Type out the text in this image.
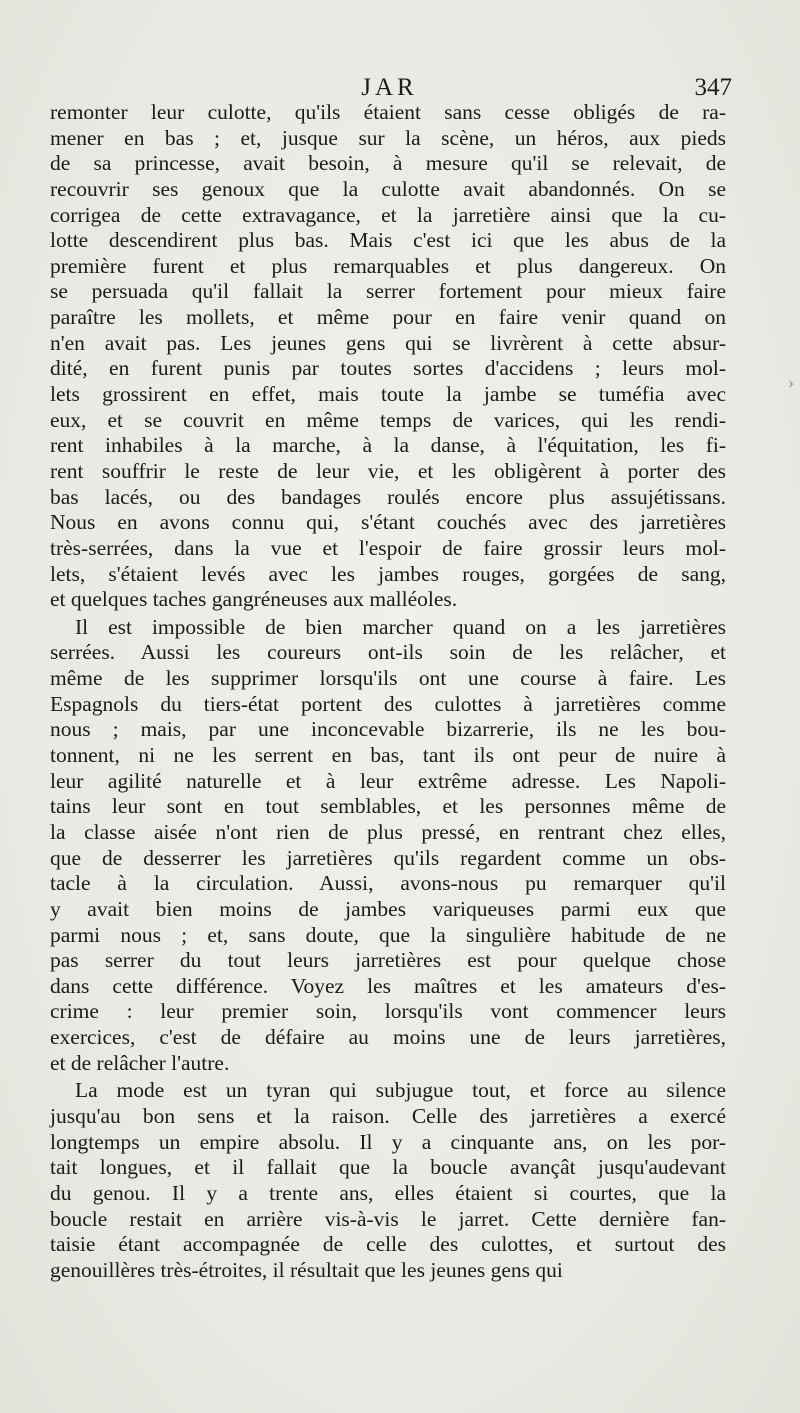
JAR	347
remonter leur culotte, qu'ils étaient sans cesse obligés de ra-
mener en bas ; et, jusque sur la scène, un héros, aux pieds
de sa princesse, avait besoin, à mesure qu'il se relevait, de
recouvrir ses genoux que la culotte avait abandonnés. On se
corrigea de cette extravagance, et la jarretière ainsi que la cu-
lotte descendirent plus bas. Mais c'est ici que les abus de la
première furent et plus remarquables et plus dangereux. On
se persuada qu'il fallait la serrer fortement pour mieux faire
paraître les mollets, et même pour en faire venir quand on
n'en avait pas. Les jeunes gens qui se livrèrent à cette absur-
dité, en furent punis par toutes sortes d'accidens ; leurs mol-
lets grossirent en effet, mais toute la jambe se tuméfia avec
eux, et se couvrit en même temps de varices, qui les rendi-
rent inhabiles à la marche, à la danse, à l'équitation, les fi-
rent souffrir le reste de leur vie, et les obligèrent à porter des
bas lacés, ou des bandages roulés encore plus assujétissans.
Nous en avons connu qui, s'étant couchés avec des jarretières
très-serrées, dans la vue et l'espoir de faire grossir leurs mol-
lets, s'étaient levés avec les jambes rouges, gorgées de sang,
et quelques taches gangréneuses aux malléoles.
Il est impossible de bien marcher quand on a les jarretières
serrées. Aussi les coureurs ont-ils soin de les relâcher, et
même de les supprimer lorsqu'ils ont une course à faire. Les
Espagnols du tiers-état portent des culottes à jarretières comme
nous ; mais, par une inconcevable bizarrerie, ils ne les bou-
tonnent, ni ne les serrent en bas, tant ils ont peur de nuire à
leur agilité naturelle et à leur extrême adresse. Les Napoli-
tains leur sont en tout semblables, et les personnes même de
la classe aisée n'ont rien de plus pressé, en rentrant chez elles,
que de desserrer les jarretières qu'ils regardent comme un obs-
tacle à la circulation. Aussi, avons-nous pu remarquer qu'il
y avait bien moins de jambes variqueuses parmi eux que
parmi nous ; et, sans doute, que la singulière habitude de ne
pas serrer du tout leurs jarretières est pour quelque chose
dans cette différence. Voyez les maîtres et les amateurs d'es-
crime : leur premier soin, lorsqu'ils vont commencer leurs
exercices, c'est de défaire au moins une de leurs jarretières,
et de relâcher l'autre.
La mode est un tyran qui subjugue tout, et force au silence
jusqu'au bon sens et la raison. Celle des jarretières a exercé
longtemps un empire absolu. Il y a cinquante ans, on les por-
tait longues, et il fallait que la boucle avançât jusqu'audevant
du genou. Il y a trente ans, elles étaient si courtes, que la
boucle restait en arrière vis-à-vis le jarret. Cette dernière fan-
taisie étant accompagnée de celle des culottes, et surtout des
genouillères très-étroites, il résultait que les jeunes gens qui
›
